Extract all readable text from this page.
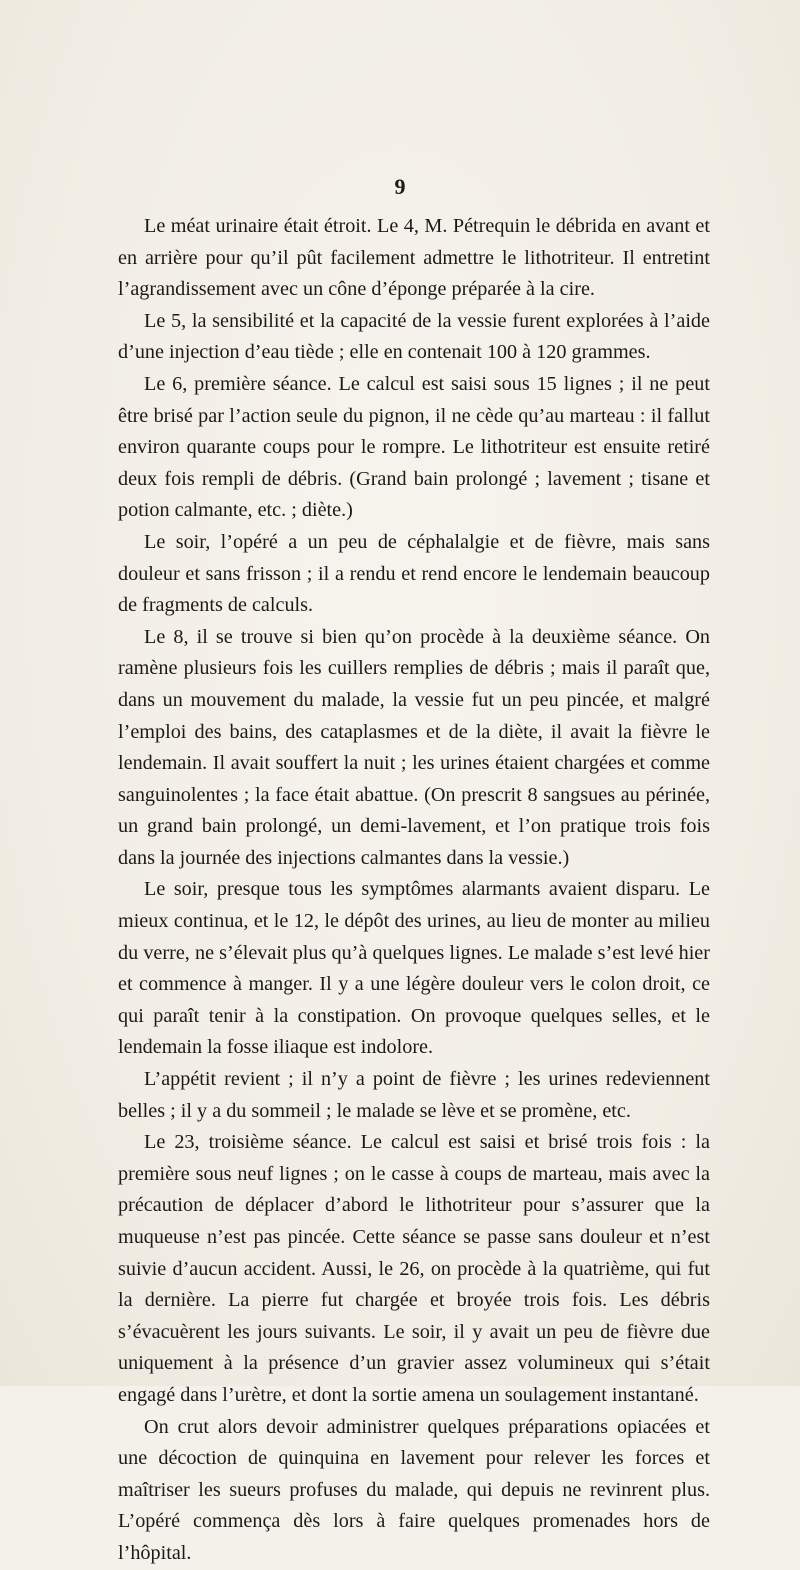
9

Le méat urinaire était étroit. Le 4, M. Pétrequin le débrida en avant et en arrière pour qu’il pût facilement admettre le lithotriteur. Il entretint l’agrandissement avec un cône d’éponge préparée à la cire.

Le 5, la sensibilité et la capacité de la vessie furent explorées à l’aide d’une injection d’eau tiède ; elle en contenait 100 à 120 grammes.

Le 6, première séance. Le calcul est saisi sous 15 lignes ; il ne peut être brisé par l’action seule du pignon, il ne cède qu’au marteau : il fallut environ quarante coups pour le rompre. Le lithotriteur est ensuite retiré deux fois rempli de débris. (Grand bain prolongé ; lavement ; tisane et potion calmante, etc. ; diète.)

Le soir, l’opéré a un peu de céphalalgie et de fièvre, mais sans douleur et sans frisson ; il a rendu et rend encore le lendemain beaucoup de fragments de calculs.

Le 8, il se trouve si bien qu’on procède à la deuxième séance. On ramène plusieurs fois les cuillers remplies de débris ; mais il paraît que, dans un mouvement du malade, la vessie fut un peu pincée, et malgré l’emploi des bains, des cataplasmes et de la diète, il avait la fièvre le lendemain. Il avait souffert la nuit ; les urines étaient chargées et comme sanguinolentes ; la face était abattue. (On prescrit 8 sangsues au périnée, un grand bain prolongé, un demi-lavement, et l’on pratique trois fois dans la journée des injections calmantes dans la vessie.)

Le soir, presque tous les symptômes alarmants avaient disparu. Le mieux continua, et le 12, le dépôt des urines, au lieu de monter au milieu du verre, ne s’élevait plus qu’à quelques lignes. Le malade s’est levé hier et commence à manger. Il y a une légère douleur vers le colon droit, ce qui paraît tenir à la constipation. On provoque quelques selles, et le lendemain la fosse iliaque est indolore.

L’appétit revient ; il n’y a point de fièvre ; les urines redeviennent belles ; il y a du sommeil ; le malade se lève et se promène, etc.

Le 23, troisième séance. Le calcul est saisi et brisé trois fois : la première sous neuf lignes ; on le casse à coups de marteau, mais avec la précaution de déplacer d’abord le lithotriteur pour s’assurer que la muqueuse n’est pas pincée. Cette séance se passe sans douleur et n’est suivie d’aucun accident. Aussi, le 26, on procède à la quatrième, qui fut la dernière. La pierre fut chargée et broyée trois fois. Les débris s’évacuèrent les jours suivants. Le soir, il y avait un peu de fièvre due uniquement à la présence d’un gravier assez volumineux qui s’était engagé dans l’urètre, et dont la sortie amena un soulagement instantané.

On crut alors devoir administrer quelques préparations opiacées et une décoction de quinquina en lavement pour relever les forces et maîtriser les sueurs profuses du malade, qui depuis ne revinrent plus. L’opéré commença dès lors à faire quelques promenades hors de l’hôpital.
